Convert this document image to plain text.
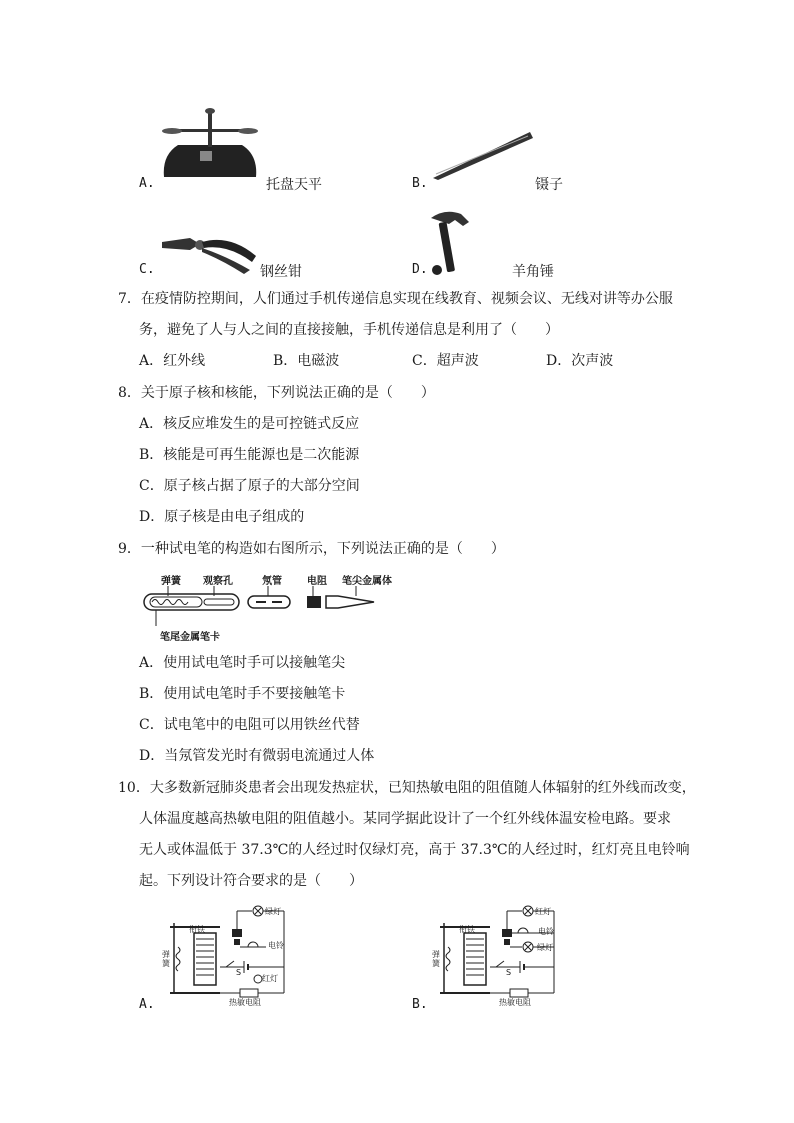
A.	托盘天平	B.	镊子
C.	钢丝钳	D.	羊角锤
7．在疫情防控期间，人们通过手机传递信息实现在线教育、视频会议、无线对讲等办公服
务，避免了人与人之间的直接接触，手机传递信息是利用了（　　）
A．红外线	B．电磁波	C．超声波	D．次声波
8．关于原子核和核能，下列说法正确的是（　　）
A．核反应堆发生的是可控链式反应
B．核能是可再生能源也是二次能源
C．原子核占据了原子的大部分空间
D．原子核是由电子组成的
9．一种试电笔的构造如右图所示，下列说法正确的是（　　）
弹簧 观察孔	氖管	电阻 笔尖金属体
笔尾金属笔卡
A．使用试电笔时手可以接触笔尖
B．使用试电笔时手不要接触笔卡
C．试电笔中的电阻可以用铁丝代替
D．当氖管发光时有微弱电流通过人体
10．大多数新冠肺炎患者会出现发热症状，已知热敏电阻的阻值随人体辐射的红外线而改变，
人体温度越高热敏电阻的阻值越小。某同学据此设计了一个红外线体温安检电路。要求
无人或体温低于 37.3℃的人经过时仅绿灯亮，高于 37.3℃的人经过时，红灯亮且电铃响
起。下列设计符合要求的是（　　）
衔铁
弹簧
绿灯
电铃
S
红灯
热敏电阻
A.
衔铁
弹簧
红灯
电铃
绿灯
S
热敏电阻
B.
